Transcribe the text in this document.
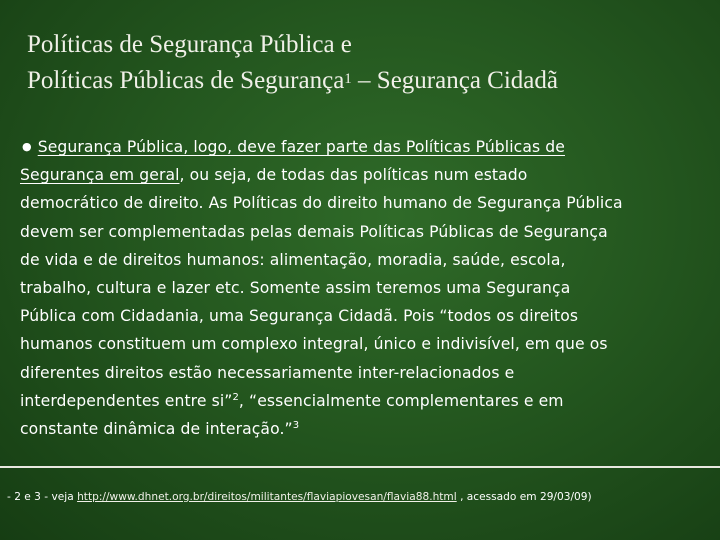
Políticas de Segurança Pública e
Políticas Públicas de Segurança$^1$ – Segurança Cidadã
● Segurança Pública, logo, deve fazer parte das Políticas Públicas de
Segurança em geral, ou seja, de todas das políticas num estado
democrático de direito. As Políticas do direito humano de Segurança Pública
devem ser complementadas pelas demais Políticas Públicas de Segurança
de vida e de direitos humanos: alimentação, moradia, saúde, escola,
trabalho, cultura e lazer etc. Somente assim teremos uma Segurança
Pública com Cidadania, uma Segurança Cidadã. Pois “todos os direitos
humanos constituem um complexo integral, único e indivisível, em que os
diferentes direitos estão necessariamente inter-relacionados e
interdependentes entre si”$^2$, “essencialmente complementares e em
constante dinâmica de interação.”$^3$
- 2 e 3 - veja http://www.dhnet.org.br/direitos/militantes/flaviapiovesan/flavia88.html , acessado em 29/03/09)
